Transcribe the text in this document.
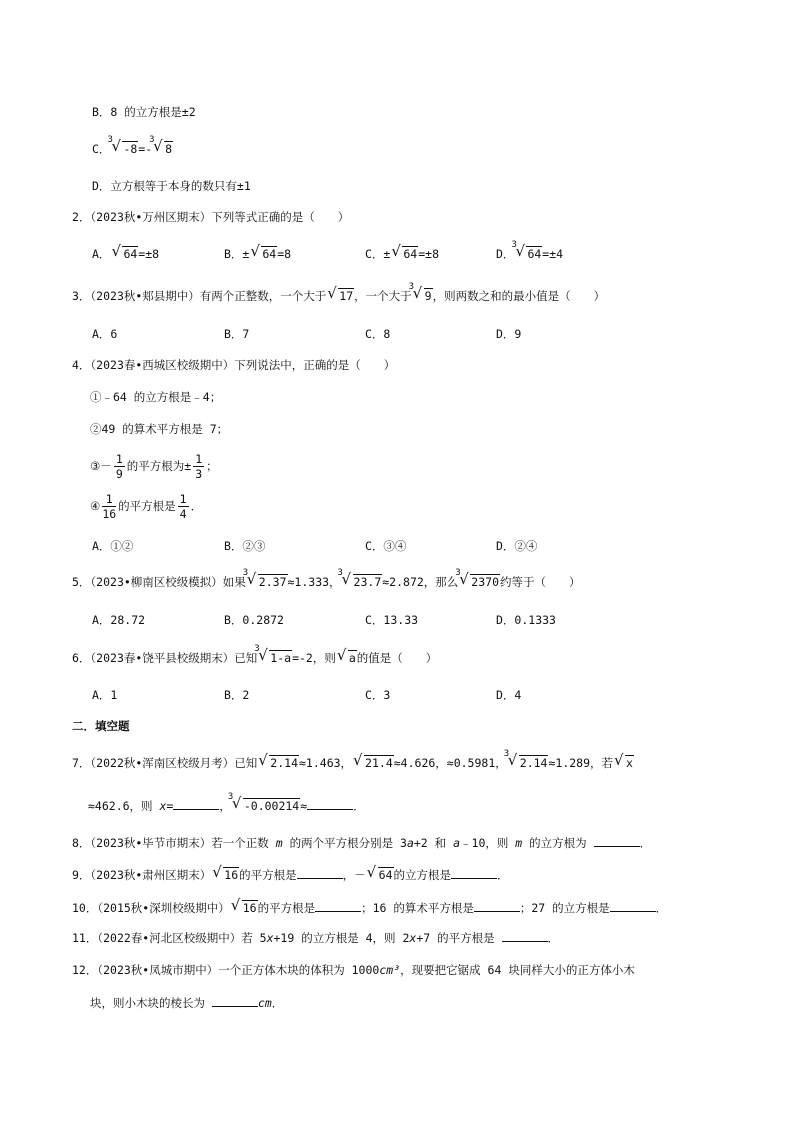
B．8 的立方根是±2
C．
√ 3
-8=-
√ 3
8
D．立方根等于本身的数只有±1
2．（2023秋•万州区期末）下列等式正确的是（　　）
A． √ 64=±8	B．± √ 64=8	C．± √ 64=±8	D．
√ 3
64=±4
3．（2023秋•郏县期中）有两个正整数，一个大于 √ 17，一个大于
√ 3
9，则两数之和的最小值是（　　）
A．6	B．7	C．8	D．9
4．（2023春•西城区校级期中）下列说法中，正确的是（　　）
①﹣64 的立方根是﹣4；
②49 的算术平方根是 7；
③－ $\frac{1}{9}$ 的平方根为± $\frac{1}{3}$ ；
④ $\frac{1}{16}$ 的平方根是 $\frac{1}{4}$ ．
A．①②	B．②③	C．③④	D．②④
5．（2023•柳南区校级模拟）如果
√ 3
2.37≈1.333，
√ 3
23.7≈2.872，那么
√ 3
2370约等于（　　）
A．28.72	B．0.2872	C．13.33	D．0.1333
6．（2023春•饶平县校级期末）已知
√ 3
1-a=-2，则 √ a的值是（　　）
A．1	B．2	C．3	D．4
二．填空题
7．（2022秋•浑南区校级月考）已知 √ 2.14≈1.463， √ 21.4≈4.626，≈0.5981，
√ 3
2.14≈1.289，若 √ x
≈462.6，则 x=	，
√ 3
-0.00214≈	．
8．（2023秋•毕节市期末）若一个正数 m 的两个平方根分别是 3a+2 和 a﹣10，则 m 的立方根为	．
9．（2023秋•肃州区期末） √ 16的平方根是	，－ √ 64的立方根是	．
10．（2015秋•深圳校级期中） √ 16的平方根是	；16 的算术平方根是	；27 的立方根是	．
11．（2022春•河北区校级期中）若 5x+19 的立方根是 4，则 2x+7 的平方根是	．
12．（2023秋•凤城市期中）一个正方体木块的体积为 1000cm³，现要把它锯成 64 块同样大小的正方体小木
块，则小木块的棱长为	cm．
